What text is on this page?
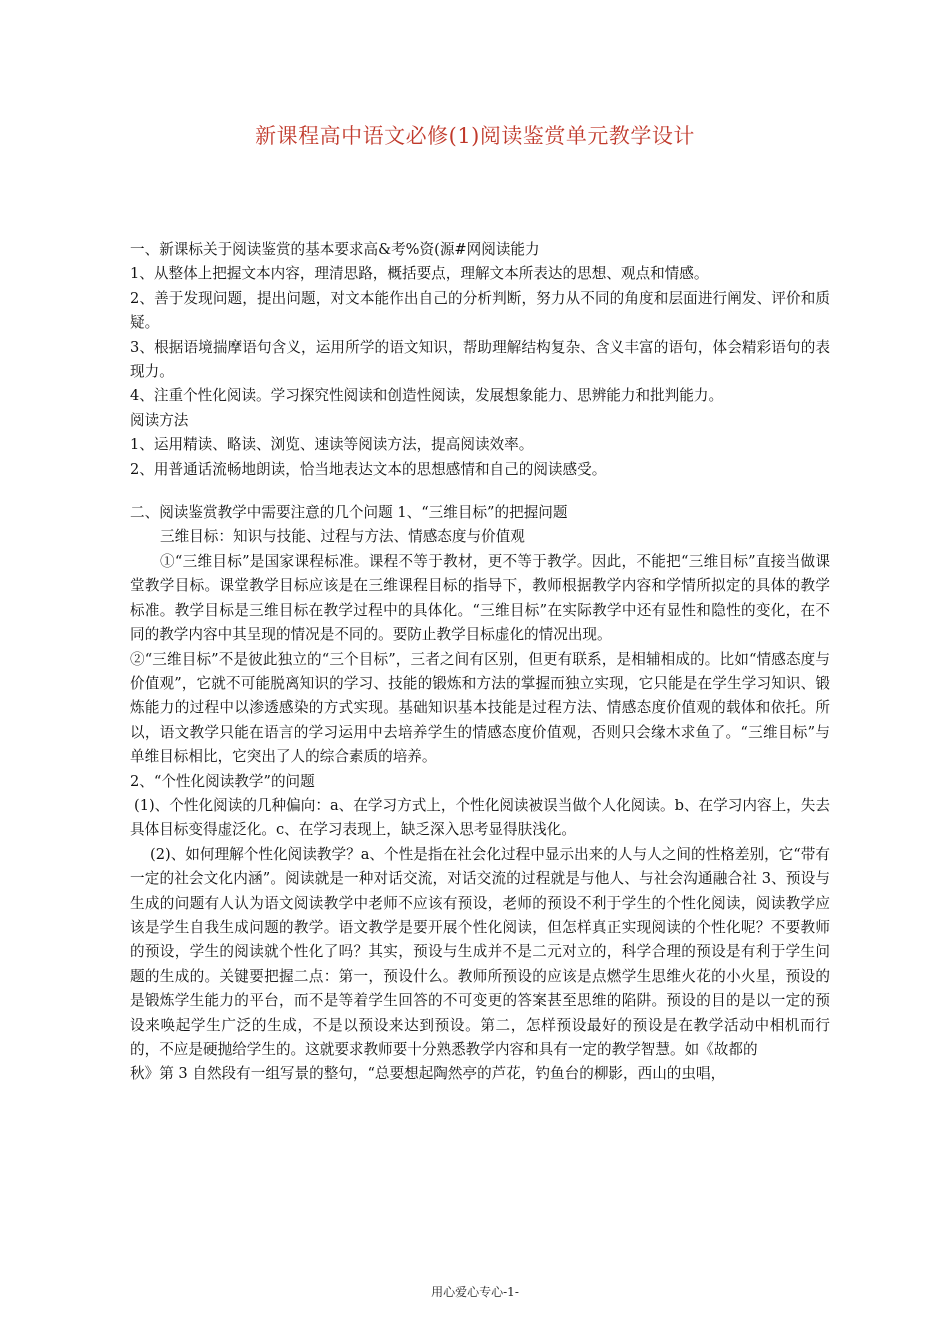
新课程高中语文必修(1)阅读鉴赏单元教学设计

一、新课标关于阅读鉴赏的基本要求高&考%资(源#网阅读能力

1、从整体上把握文本内容，理清思路，概括要点，理解文本所表达的思想、观点和情感。

2、善于发现问题，提出问题，对文本能作出自己的分析判断，努力从不同的角度和层面进行阐发、评价和质疑。

3、根据语境揣摩语句含义，运用所学的语文知识，帮助理解结构复杂、含义丰富的语句，体会精彩语句的表现力。

4、注重个性化阅读。学习探究性阅读和创造性阅读，发展想象能力、思辨能力和批判能力。

阅读方法

1、运用精读、略读、浏览、速读等阅读方法，提高阅读效率。

2、用普通话流畅地朗读，恰当地表达文本的思想感情和自己的阅读感受。

二、阅读鉴赏教学中需要注意的几个问题 1、“三维目标”的把握问题

三维目标：知识与技能、过程与方法、情感态度与价值观

①“三维目标”是国家课程标准。课程不等于教材，更不等于教学。因此，不能把“三维目标”直接当做课堂教学目标。课堂教学目标应该是在三维课程目标的指导下，教师根据教学内容和学情所拟定的具体的教学标准。教学目标是三维目标在教学过程中的具体化。“三维目标”在实际教学中还有显性和隐性的变化，在不同的教学内容中其呈现的情况是不同的。要防止教学目标虚化的情况出现。

②“三维目标”不是彼此独立的“三个目标”，三者之间有区别，但更有联系，是相辅相成的。比如“情感态度与价值观”，它就不可能脱离知识的学习、技能的锻炼和方法的掌握而独立实现，它只能是在学生学习知识、锻炼能力的过程中以渗透感染的方式实现。基础知识基本技能是过程方法、情感态度价值观的载体和依托。所以，语文教学只能在语言的学习运用中去培养学生的情感态度价值观，否则只会缘木求鱼了。“三维目标”与单维目标相比，它突出了人的综合素质的培养。

2、“个性化阅读教学”的问题

(1)、个性化阅读的几种偏向：a、在学习方式上，个性化阅读被误当做个人化阅读。b、在学习内容上，失去具体目标变得虚泛化。c、在学习表现上，缺乏深入思考显得肤浅化。

(2)、如何理解个性化阅读教学？a、个性是指在社会化过程中显示出来的人与人之间的性格差别，它“带有一定的社会文化内涵”。阅读就是一种对话交流，对话交流的过程就是与他人、与社会沟通融合社 3、预设与生成的问题有人认为语文阅读教学中老师不应该有预设，老师的预设不利于学生的个性化阅读，阅读教学应该是学生自我生成问题的教学。语文教学是要开展个性化阅读，但怎样真正实现阅读的个性化呢？不要教师的预设，学生的阅读就个性化了吗？其实，预设与生成并不是二元对立的，科学合理的预设是有利于学生问题的生成的。关键要把握二点：第一，预设什么。教师所预设的应该是点燃学生思维火花的小火星，预设的是锻炼学生能力的平台，而不是等着学生回答的不可变更的答案甚至思维的陷阱。预设的目的是以一定的预设来唤起学生广泛的生成，不是以预设来达到预设。第二，怎样预设最好的预设是在教学活动中相机而行的，不应是硬抛给学生的。这就要求教师要十分熟悉教学内容和具有一定的教学智慧。如《故都的

秋》第 3 自然段有一组写景的整句，“总要想起陶然亭的芦花，钓鱼台的柳影，西山的虫唱，

用心爱心专心-1-
